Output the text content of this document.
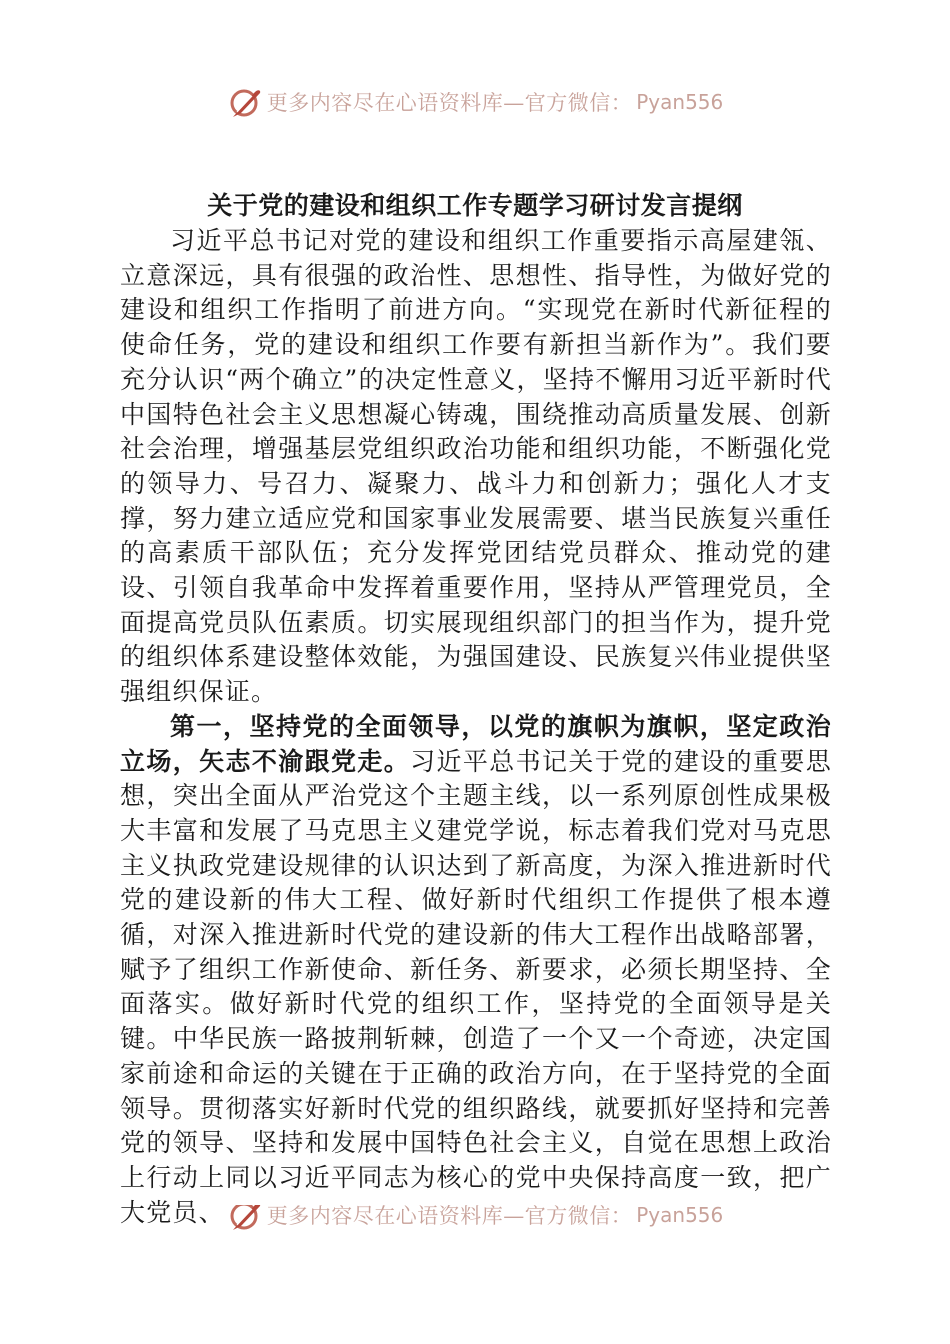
更多内容尽在心语资料库—官方微信： Pyan556
关于党的建设和组织工作专题学习研讨发言提纲

习近平总书记对党的建设和组织工作重要指示高屋建瓴、立意深远，具有很强的政治性、思想性、指导性，为做好党的建设和组织工作指明了前进方向。“实现党在新时代新征程的使命任务，党的建设和组织工作要有新担当新作为”。我们要充分认识“两个确立”的决定性意义，坚持不懈用习近平新时代中国特色社会主义思想凝心铸魂，围绕推动高质量发展、创新社会治理，增强基层党组织政治功能和组织功能，不断强化党的领导力、号召力、凝聚力、战斗力和创新力；强化人才支撑，努力建立适应党和国家事业发展需要、堪当民族复兴重任的高素质干部队伍；充分发挥党团结党员群众、推动党的建设、引领自我革命中发挥着重要作用，坚持从严管理党员，全面提高党员队伍素质。切实展现组织部门的担当作为，提升党的组织体系建设整体效能，为强国建设、民族复兴伟业提供坚强组织保证。

第一，坚持党的全面领导，以党的旗帜为旗帜，坚定政治立场，矢志不渝跟党走。习近平总书记关于党的建设的重要思想，突出全面从严治党这个主题主线，以一系列原创性成果极大丰富和发展了马克思主义建党学说，标志着我们党对马克思主义执政党建设规律的认识达到了新高度，为深入推进新时代党的建设新的伟大工程、做好新时代组织工作提供了根本遵循，对深入推进新时代党的建设新的伟大工程作出战略部署，赋予了组织工作新使命、新任务、新要求，必须长期坚持、全面落实。做好新时代党的组织工作，坚持党的全面领导是关键。中华民族一路披荆斩棘，创造了一个又一个奇迹，决定国家前途和命运的关键在于正确的政治方向，在于坚持党的全面领导。贯彻落实好新时代党的组织路线，就要抓好坚持和完善党的领导、坚持和发展中国特色社会主义，自觉在思想上政治上行动上同以习近平同志为核心的党中央保持高度一致，把广大党员、	更多内容尽在心语资料库—官方微信： Pyan556
